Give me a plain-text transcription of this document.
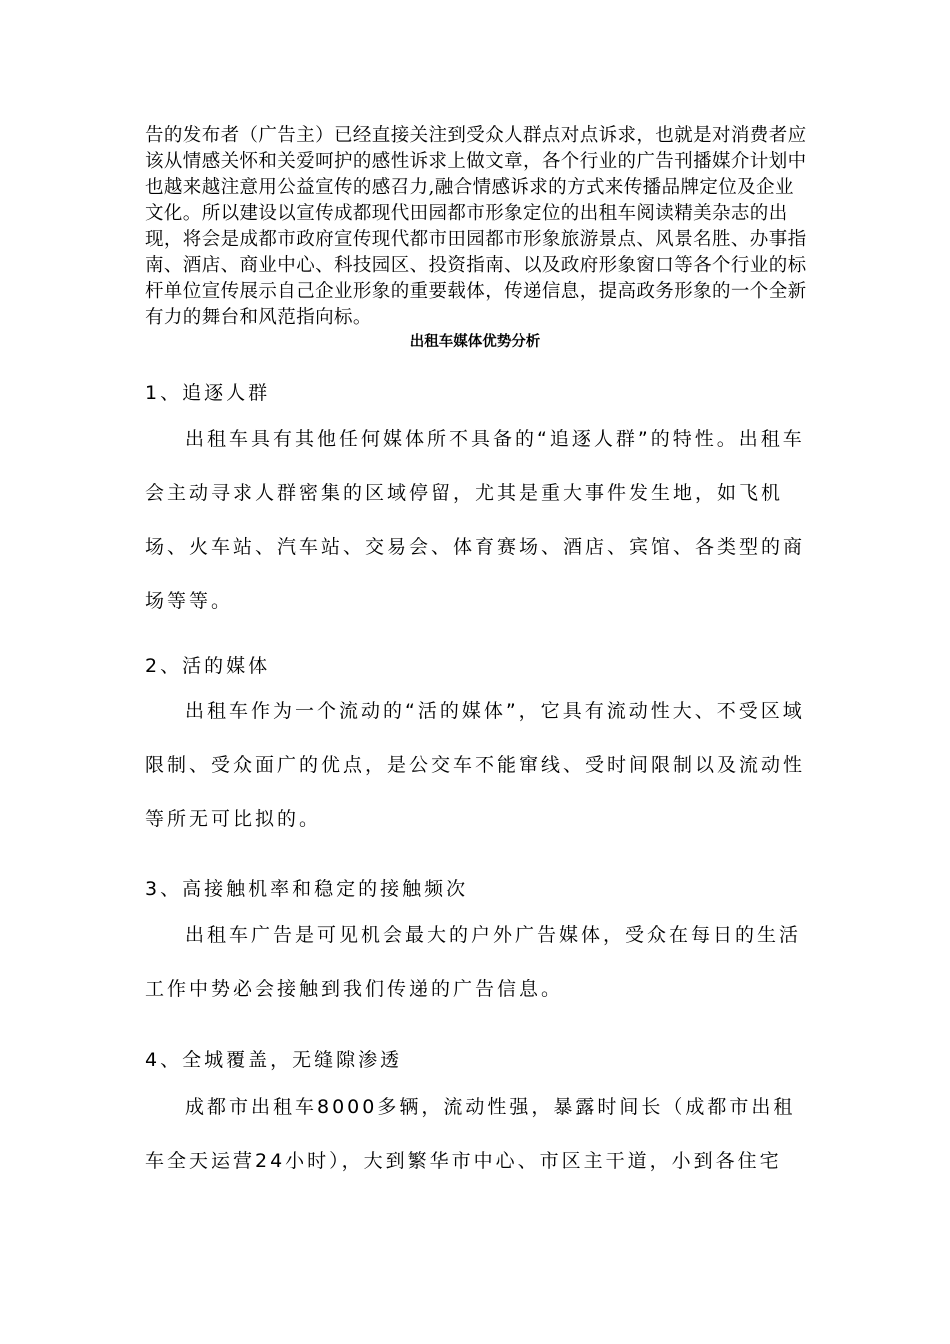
告的发布者（广告主）已经直接关注到受众人群点对点诉求，也就是对消费者应该从情感关怀和关爱呵护的感性诉求上做文章，各个行业的广告刊播媒介计划中也越来越注意用公益宣传的感召力,融合情感诉求的方式来传播品牌定位及企业文化。所以建设以宣传成都现代田园都市形象定位的出租车阅读精美杂志的出现，将会是成都市政府宣传现代都市田园都市形象旅游景点、风景名胜、办事指南、酒店、商业中心、科技园区、投资指南、以及政府形象窗口等各个行业的标杆单位宣传展示自己企业形象的重要载体，传递信息，提高政务形象的一个全新有力的舞台和风范指向标。

出租车媒体优势分析

1、追逐人群

出租车具有其他任何媒体所不具备的“追逐人群”的特性。出租车会主动寻求人群密集的区域停留，尤其是重大事件发生地，如飞机场、火车站、汽车站、交易会、体育赛场、酒店、宾馆、各类型的商场等等。

2、活的媒体

出租车作为一个流动的“活的媒体”，它具有流动性大、不受区域限制、受众面广的优点，是公交车不能窜线、受时间限制以及流动性等所无可比拟的。

3、高接触机率和稳定的接触频次

出租车广告是可见机会最大的户外广告媒体，受众在每日的生活工作中势必会接触到我们传递的广告信息。

4、全城覆盖，无缝隙渗透

成都市出租车8000多辆，流动性强，暴露时间长（成都市出租车全天运营24小时），大到繁华市中心、市区主干道，小到各住宅
